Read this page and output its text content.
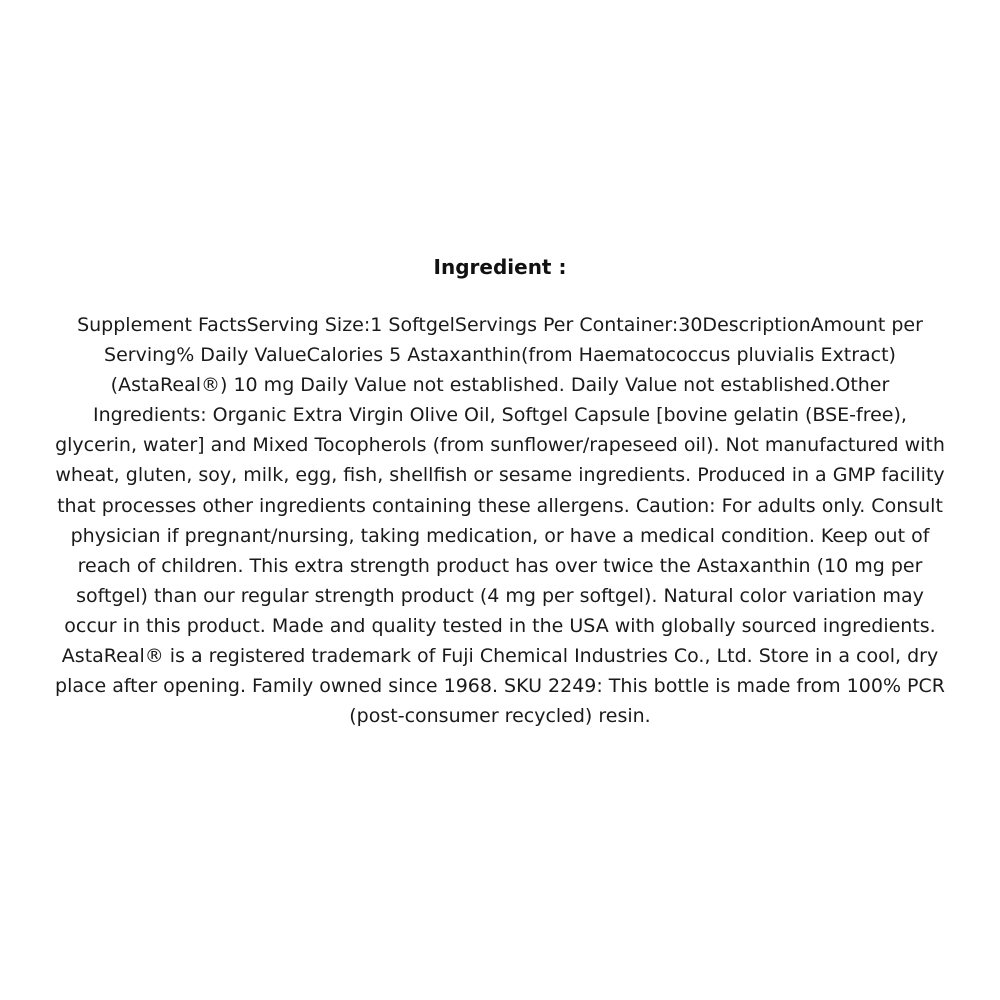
Ingredient :
Supplement FactsServing Size:1 SoftgelServings Per Container:30DescriptionAmount per Serving% Daily ValueCalories 5 Astaxanthin(from Haematococcus pluvialis Extract) (AstaReal®) 10 mg Daily Value not established. Daily Value not established.Other Ingredients: Organic Extra Virgin Olive Oil, Softgel Capsule [bovine gelatin (BSE-free), glycerin, water] and Mixed Tocopherols (from sunflower/rapeseed oil). Not manufactured with wheat, gluten, soy, milk, egg, fish, shellfish or sesame ingredients. Produced in a GMP facility that processes other ingredients containing these allergens. Caution: For adults only. Consult physician if pregnant/nursing, taking medication, or have a medical condition. Keep out of reach of children. This extra strength product has over twice the Astaxanthin (10 mg per softgel) than our regular strength product (4 mg per softgel). Natural color variation may occur in this product. Made and quality tested in the USA with globally sourced ingredients. AstaReal® is a registered trademark of Fuji Chemical Industries Co., Ltd. Store in a cool, dry place after opening. Family owned since 1968. SKU 2249: This bottle is made from 100% PCR (post-consumer recycled) resin.
